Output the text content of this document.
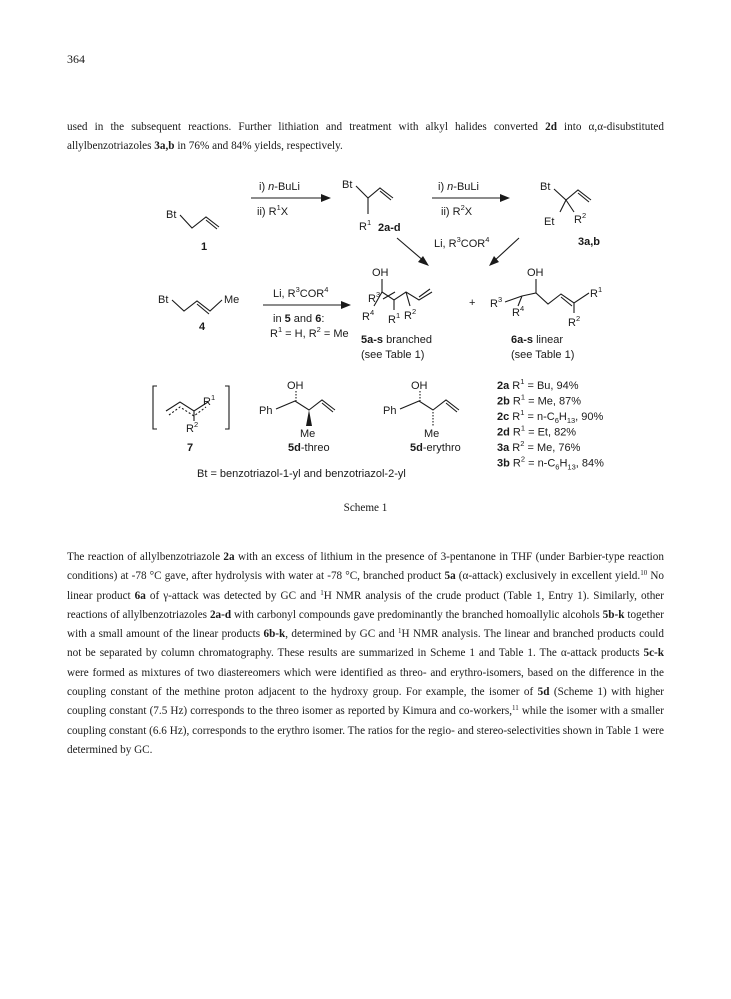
364

used in the subsequent reactions. Further lithiation and treatment with alkyl halides converted 2d into α,α-disubstituted allylbenzotriazoles 3a,b in 76% and 84% yields, respectively.

Bt
1
i) n-BuLi
ii) $R^1X$
Bt
$R^1$ 2a-d
i) n-BuLi
ii) $R^2X$
Bt
Et $R^2$
3a,b
Li, $R^3COR^4$
Bt	Me
4
Li, $R^3COR^4$
in 5 and 6:
$R^1 = H$, $R^2 = Me$
OH
$R^3$
$R^4$
$R^1$ $R^2$
5a-s branched
(see Table 1)
+
OH
$R^3$
$R^4$
$R^1$
$R^2$
6a-s linear
(see Table 1)
$R^1$
$R^2$
7
OH
Ph
Me
5d-threo
OH
Ph
Me
5d-erythro
2a $R^1 = Bu$, 94%
2b $R^1 = Me$, 87%
2c $R^1 = n-C_6H_{13}$, 90%
2d $R^1 = Et$, 82%
3a $R^2 = Me$, 76%
3b $R^2 = n-C_6H_{13}$, 84%
Bt = benzotriazol-1-yl and benzotriazol-2-yl
Scheme 1

The reaction of allylbenzotriazole 2a with an excess of lithium in the presence of 3-pentanone in THF (under Barbier-type reaction conditions) at -78 °C gave, after hydrolysis with water at -78 °C, branched product 5a (α-attack) exclusively in excellent yield.$^{10}$ No linear product 6a of γ-attack was detected by GC and $^1$H NMR analysis of the crude product (Table 1, Entry 1). Similarly, other reactions of allylbenzotriazoles 2a-d with carbonyl compounds gave predominantly the branched homoallylic alcohols 5b-k together with a small amount of the linear products 6b-k, determined by GC and $^1$H NMR analysis. The linear and branched products could not be separated by column chromatography. These results are summarized in Scheme 1 and Table 1. The α-attack products 5c-k were formed as mixtures of two diastereomers which were identified as threo- and erythro-isomers, based on the difference in the coupling constant of the methine proton adjacent to the hydroxy group. For example, the isomer of 5d (Scheme 1) with higher coupling constant (7.5 Hz) corresponds to the threo isomer as reported by Kimura and co-workers,$^{11}$ while the isomer with a smaller coupling constant (6.6 Hz), corresponds to the erythro isomer. The ratios for the regio- and stereo-selectivities shown in Table 1 were determined by GC.
